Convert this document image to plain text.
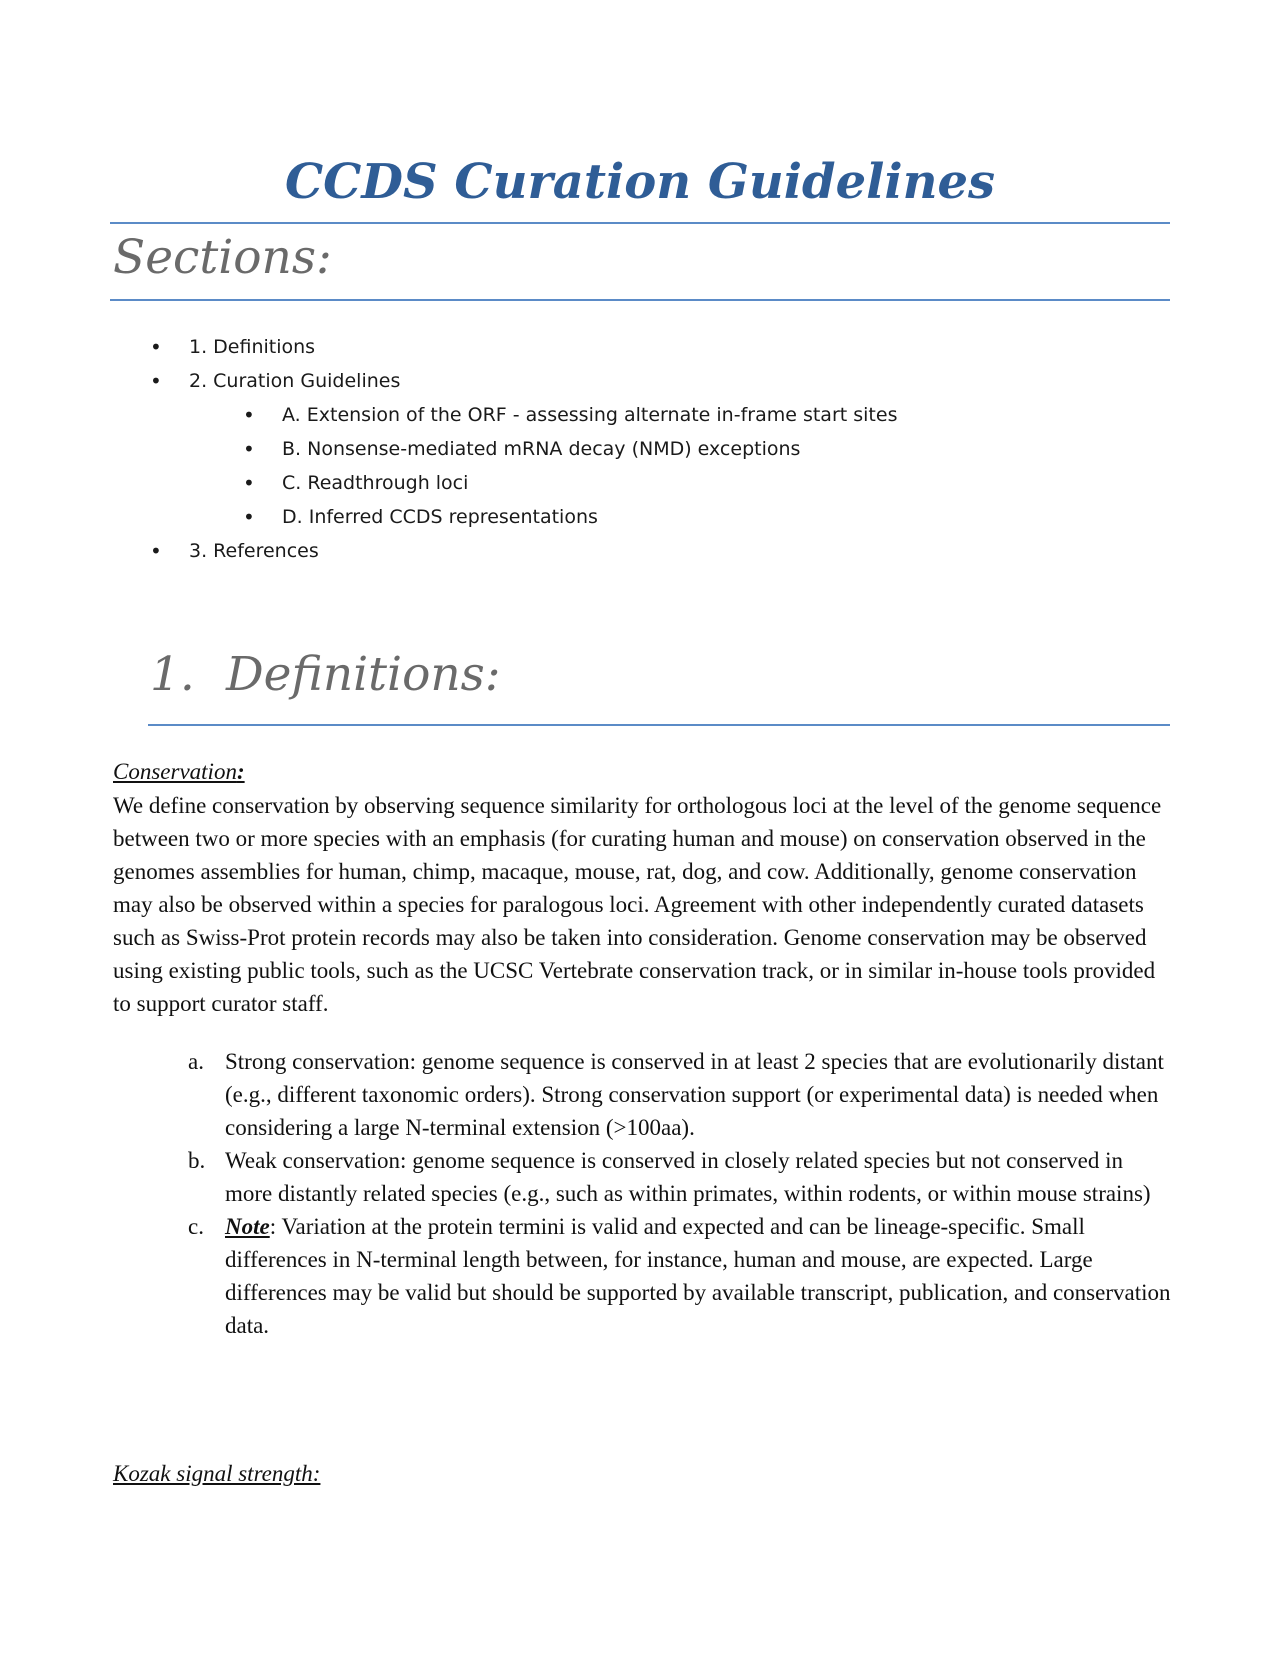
CCDS Curation Guidelines
Sections:
• 1. Definitions
• 2. Curation Guidelines
• A. Extension of the ORF - assessing alternate in-frame start sites
• B. Nonsense-mediated mRNA decay (NMD) exceptions
• C. Readthrough loci
• D. Inferred CCDS representations
• 3. References
1. Definitions:
Conservation:

We define conservation by observing sequence similarity for orthologous loci at the level of the genome sequence between two or more species with an emphasis (for curating human and mouse) on conservation observed in the genomes assemblies for human, chimp, macaque, mouse, rat, dog, and cow. Additionally, genome conservation may also be observed within a species for paralogous loci. Agreement with other independently curated datasets such as Swiss-Prot protein records may also be taken into consideration. Genome conservation may be observed using existing public tools, such as the UCSC Vertebrate conservation track, or in similar in-house tools provided to support curator staff.

a. Strong conservation: genome sequence is conserved in at least 2 species that are evolutionarily distant (e.g., different taxonomic orders). Strong conservation support (or experimental data) is needed when considering a large N-terminal extension (>100aa).
b. Weak conservation: genome sequence is conserved in closely related species but not conserved in more distantly related species (e.g., such as within primates, within rodents, or within mouse strains)
c. Note: Variation at the protein termini is valid and expected and can be lineage-specific. Small differences in N-terminal length between, for instance, human and mouse, are expected. Large differences may be valid but should be supported by available transcript, publication, and conservation data.
Kozak signal strength:
